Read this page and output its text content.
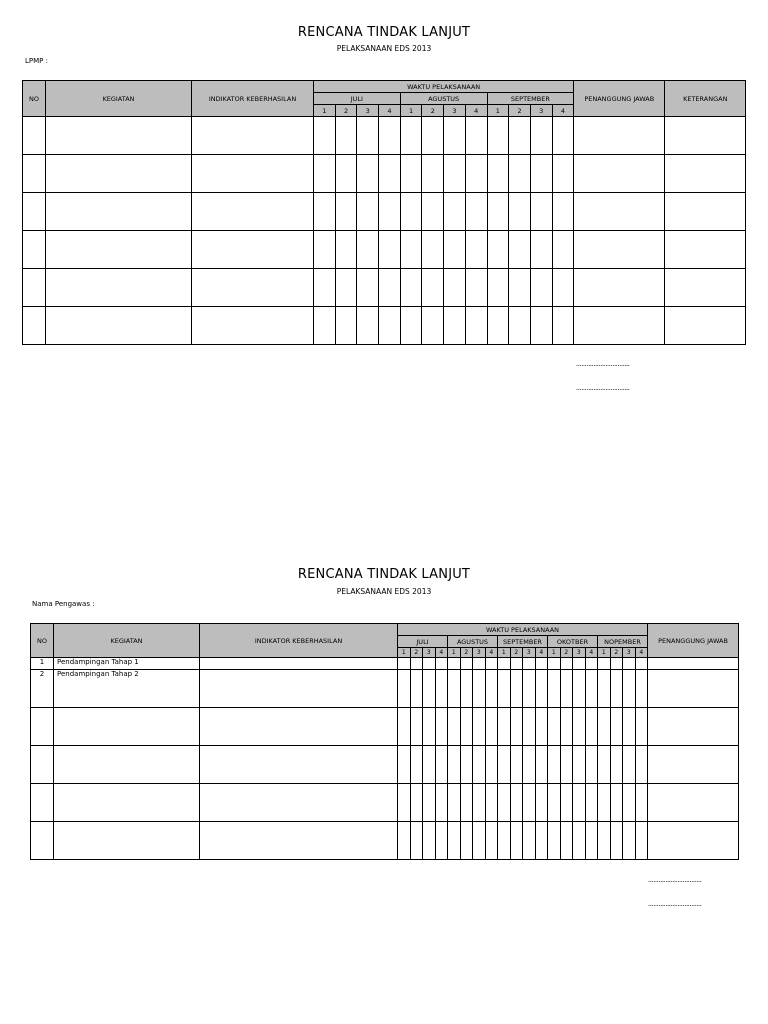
RENCANA TINDAK LANJUT
PELAKSANAAN EDS 2013
LPMP :
NO	KEGIATAN	INDIKATOR KEBERHASILAN	WAKTU PELAKSANAAN												PENANGGUNG JAWAB	KETERANGAN
			JULI				AGUSTUS				SEPTEMBER					
			1	2	3	4	1	2	3	4	1	2	3	4		

...............................
...............................
RENCANA TINDAK LANJUT
PELAKSANAAN EDS 2013
Nama Pengawas :
NO	KEGIATAN	INDIKATOR KEBERHASILAN	WAKTU PELAKSANAAN																				PENANGGUNG JAWAB
			JULI				AGUSTUS				SEPTEMBER				OKOTBER				NOPEMBER				
			1	2	3	4	1	2	3	4	1	2	3	4	1	2	3	4	1	2	3	4	
1	Pendampingan Tahap 1																						
2	Pendampingan Tahap 2																						

...............................
...............................
